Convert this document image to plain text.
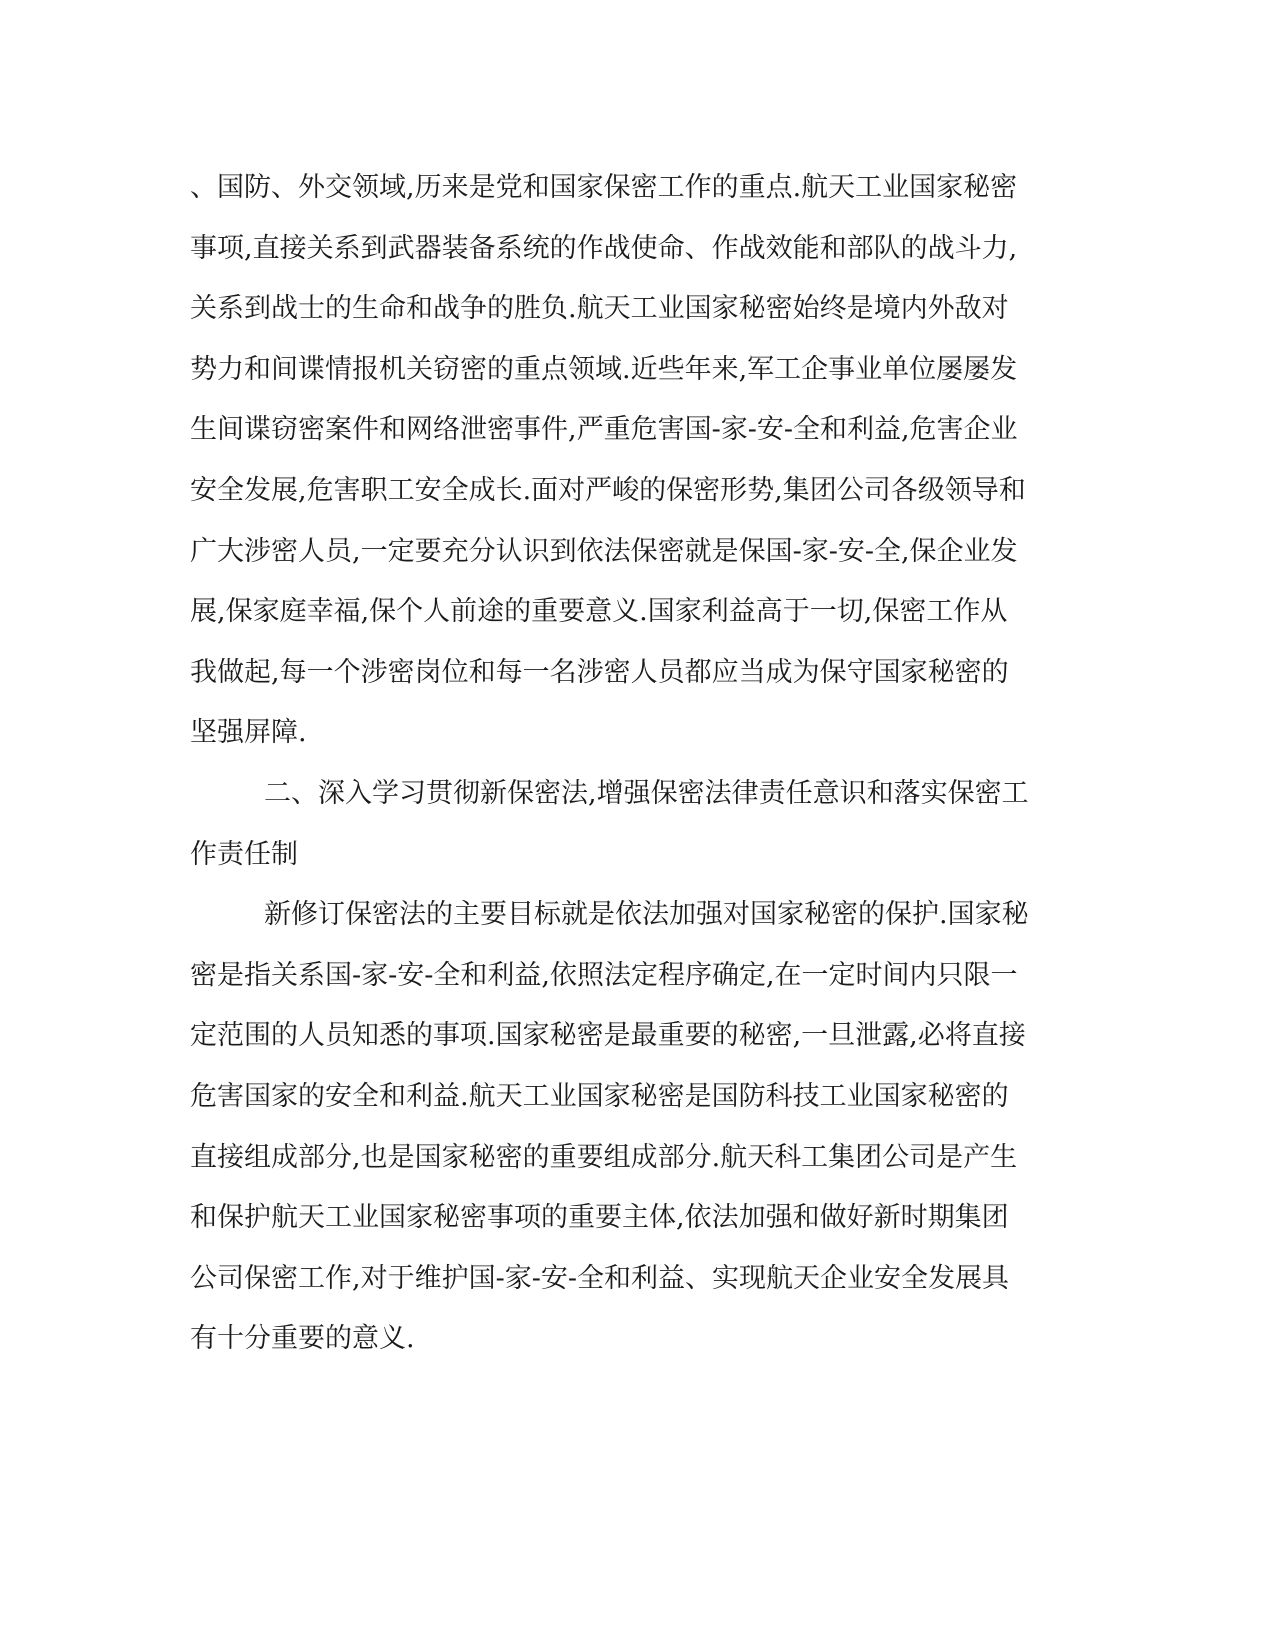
、国防、外交领域,历来是党和国家保密工作的重点.航天工业国家秘密
事项,直接关系到武器装备系统的作战使命、作战效能和部队的战斗力,
关系到战士的生命和战争的胜负.航天工业国家秘密始终是境内外敌对
势力和间谍情报机关窃密的重点领域.近些年来,军工企事业单位屡屡发
生间谍窃密案件和网络泄密事件,严重危害国-家-安-全和利益,危害企业
安全发展,危害职工安全成长.面对严峻的保密形势,集团公司各级领导和
广大涉密人员,一定要充分认识到依法保密就是保国-家-安-全,保企业发
展,保家庭幸福,保个人前途的重要意义.国家利益高于一切,保密工作从
我做起,每一个涉密岗位和每一名涉密人员都应当成为保守国家秘密的
坚强屏障.
二、深入学习贯彻新保密法,增强保密法律责任意识和落实保密工
作责任制
新修订保密法的主要目标就是依法加强对国家秘密的保护.国家秘
密是指关系国-家-安-全和利益,依照法定程序确定,在一定时间内只限一
定范围的人员知悉的事项.国家秘密是最重要的秘密,一旦泄露,必将直接
危害国家的安全和利益.航天工业国家秘密是国防科技工业国家秘密的
直接组成部分,也是国家秘密的重要组成部分.航天科工集团公司是产生
和保护航天工业国家秘密事项的重要主体,依法加强和做好新时期集团
公司保密工作,对于维护国-家-安-全和利益、实现航天企业安全发展具
有十分重要的意义.
